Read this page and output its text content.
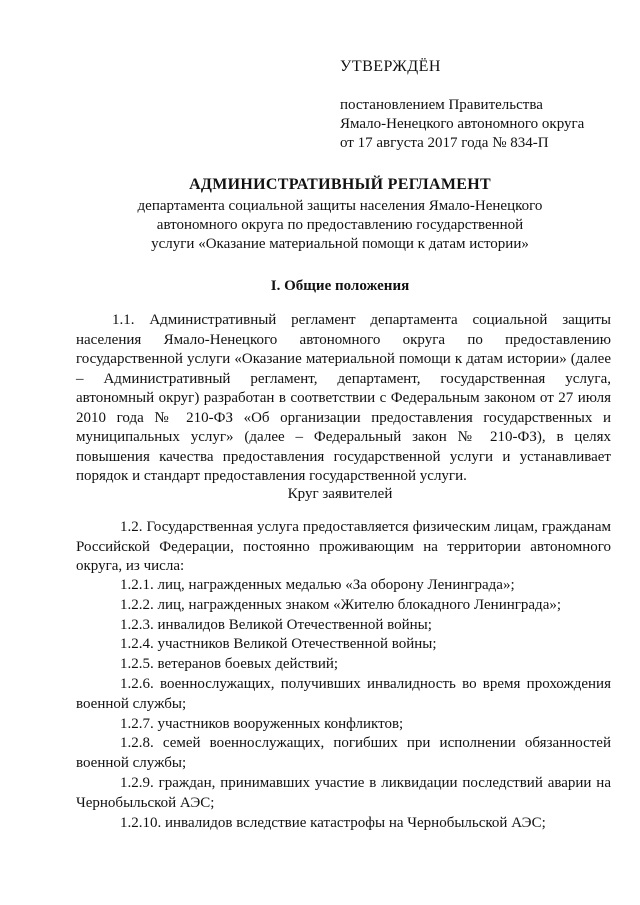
УТВЕРЖДЁН
постановлением Правительства
Ямало-Ненецкого автономного округа
от 17 августа 2017 года № 834-П
АДМИНИСТРАТИВНЫЙ РЕГЛАМЕНТ
департамента социальной защиты населения Ямало-Ненецкого
автономного округа по предоставлению государственной
услуги «Оказание материальной помощи к датам истории»
I. Общие положения

1.1. Административный регламент департамента социальной защиты населения Ямало-Ненецкого автономного округа по предоставлению государственной услуги «Оказание материальной помощи к датам истории» (далее – Административный регламент, департамент, государственная услуга, автономный округ) разработан в соответствии с Федеральным законом от 27 июля 2010 года № 210-ФЗ «Об организации предоставления государственных и муниципальных услуг» (далее – Федеральный закон № 210-ФЗ), в целях повышения качества предоставления государственной услуги и устанавливает порядок и стандарт предоставления государственной услуги.

Круг заявителей

1.2. Государственная услуга предоставляется физическим лицам, гражданам Российской Федерации, постоянно проживающим на территории автономного округа, из числа:

1.2.1. лиц, награжденных медалью «За оборону Ленинграда»;
1.2.2. лиц, награжденных знаком «Жителю блокадного Ленинграда»;
1.2.3. инвалидов Великой Отечественной войны;
1.2.4. участников Великой Отечественной войны;
1.2.5. ветеранов боевых действий;
1.2.6. военнослужащих, получивших инвалидность во время прохождения военной службы;
1.2.7. участников вооруженных конфликтов;
1.2.8. семей военнослужащих, погибших при исполнении обязанностей военной службы;
1.2.9. граждан, принимавших участие в ликвидации последствий аварии на Чернобыльской АЭС;
1.2.10. инвалидов вследствие катастрофы на Чернобыльской АЭС;
